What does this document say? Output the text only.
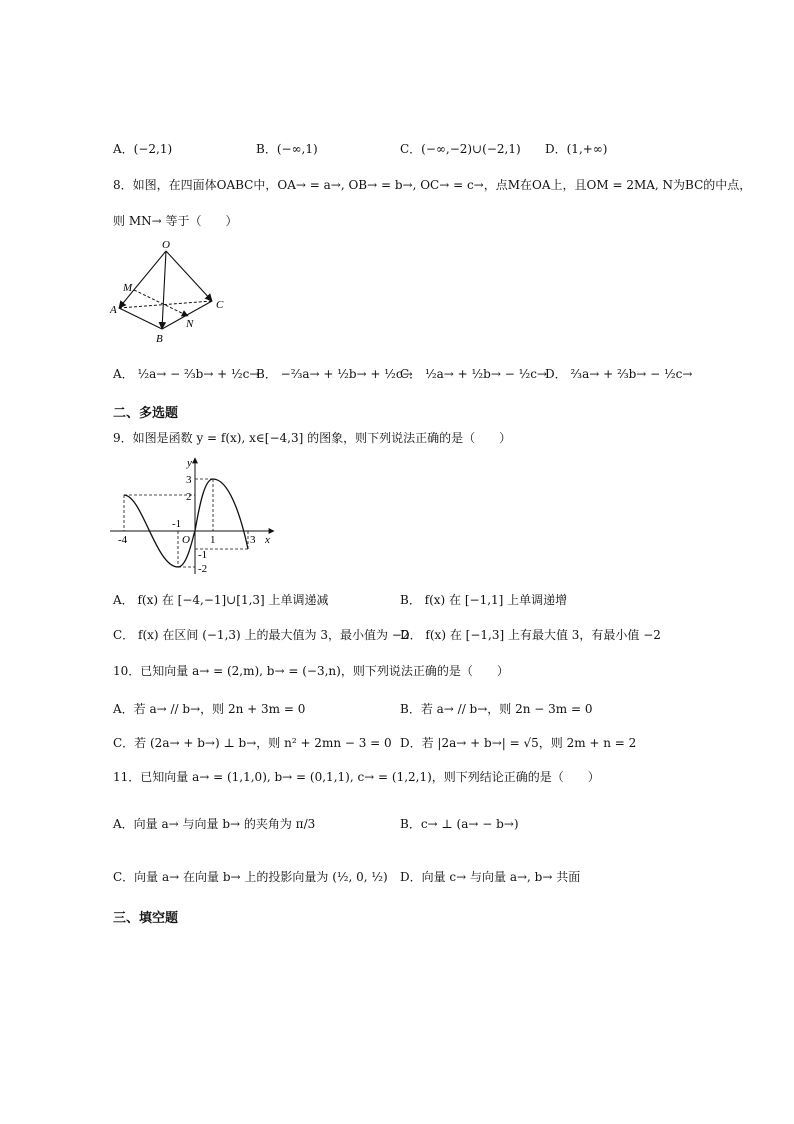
A．(−2,1)	B．(−∞,1)	C．(−∞,−2)∪(−2,1) D．(1,+∞)
8．如图，在四面体OABC中，OA→ = a→, OB→ = b→, OC→ = c→，点M在OA上，且OM = 2MA, N为BC的中点，
则 MN→ 等于（　　）
O
M
A	C
N
B
A． ½a→ − ⅔b→ + ½c→
B． −⅔a→ + ½b→ + ½c→
C． ½a→ + ½b→ − ½c→
D． ⅔a→ + ⅔b→ − ½c→
二、多选题
9．如图是函数 y = f(x), x∈[−4,3] 的图象，则下列说法正确的是（　　）
y
x
O
3
2
-1
-4	1	3
-1
-2
A． f(x) 在 [−4,−1]∪[1,3] 上单调递减	B． f(x) 在 [−1,1] 上单调递增
C． f(x) 在区间 (−1,3) 上的最大值为 3，最小值为 −2
D． f(x) 在 [−1,3] 上有最大值 3，有最小值 −2
10．已知向量 a→ = (2,m), b→ = (−3,n)，则下列说法正确的是（　　）
A．若 a→ // b→，则 2n + 3m = 0	B．若 a→ // b→，则 2n − 3m = 0
C．若 (2a→ + b→) ⊥ b→，则 n² + 2mn − 3 = 0 D．若 |2a→ + b→| = √5，则 2m + n = 2
11．已知向量 a→ = (1,1,0), b→ = (0,1,1), c→ = (1,2,1)，则下列结论正确的是（　　）
A．向量 a→ 与向量 b→ 的夹角为 π/3	B．c→ ⊥ (a→ − b→)
C．向量 a→ 在向量 b→ 上的投影向量为 (½, 0, ½) D．向量 c→ 与向量 a→, b→ 共面
三、填空题
